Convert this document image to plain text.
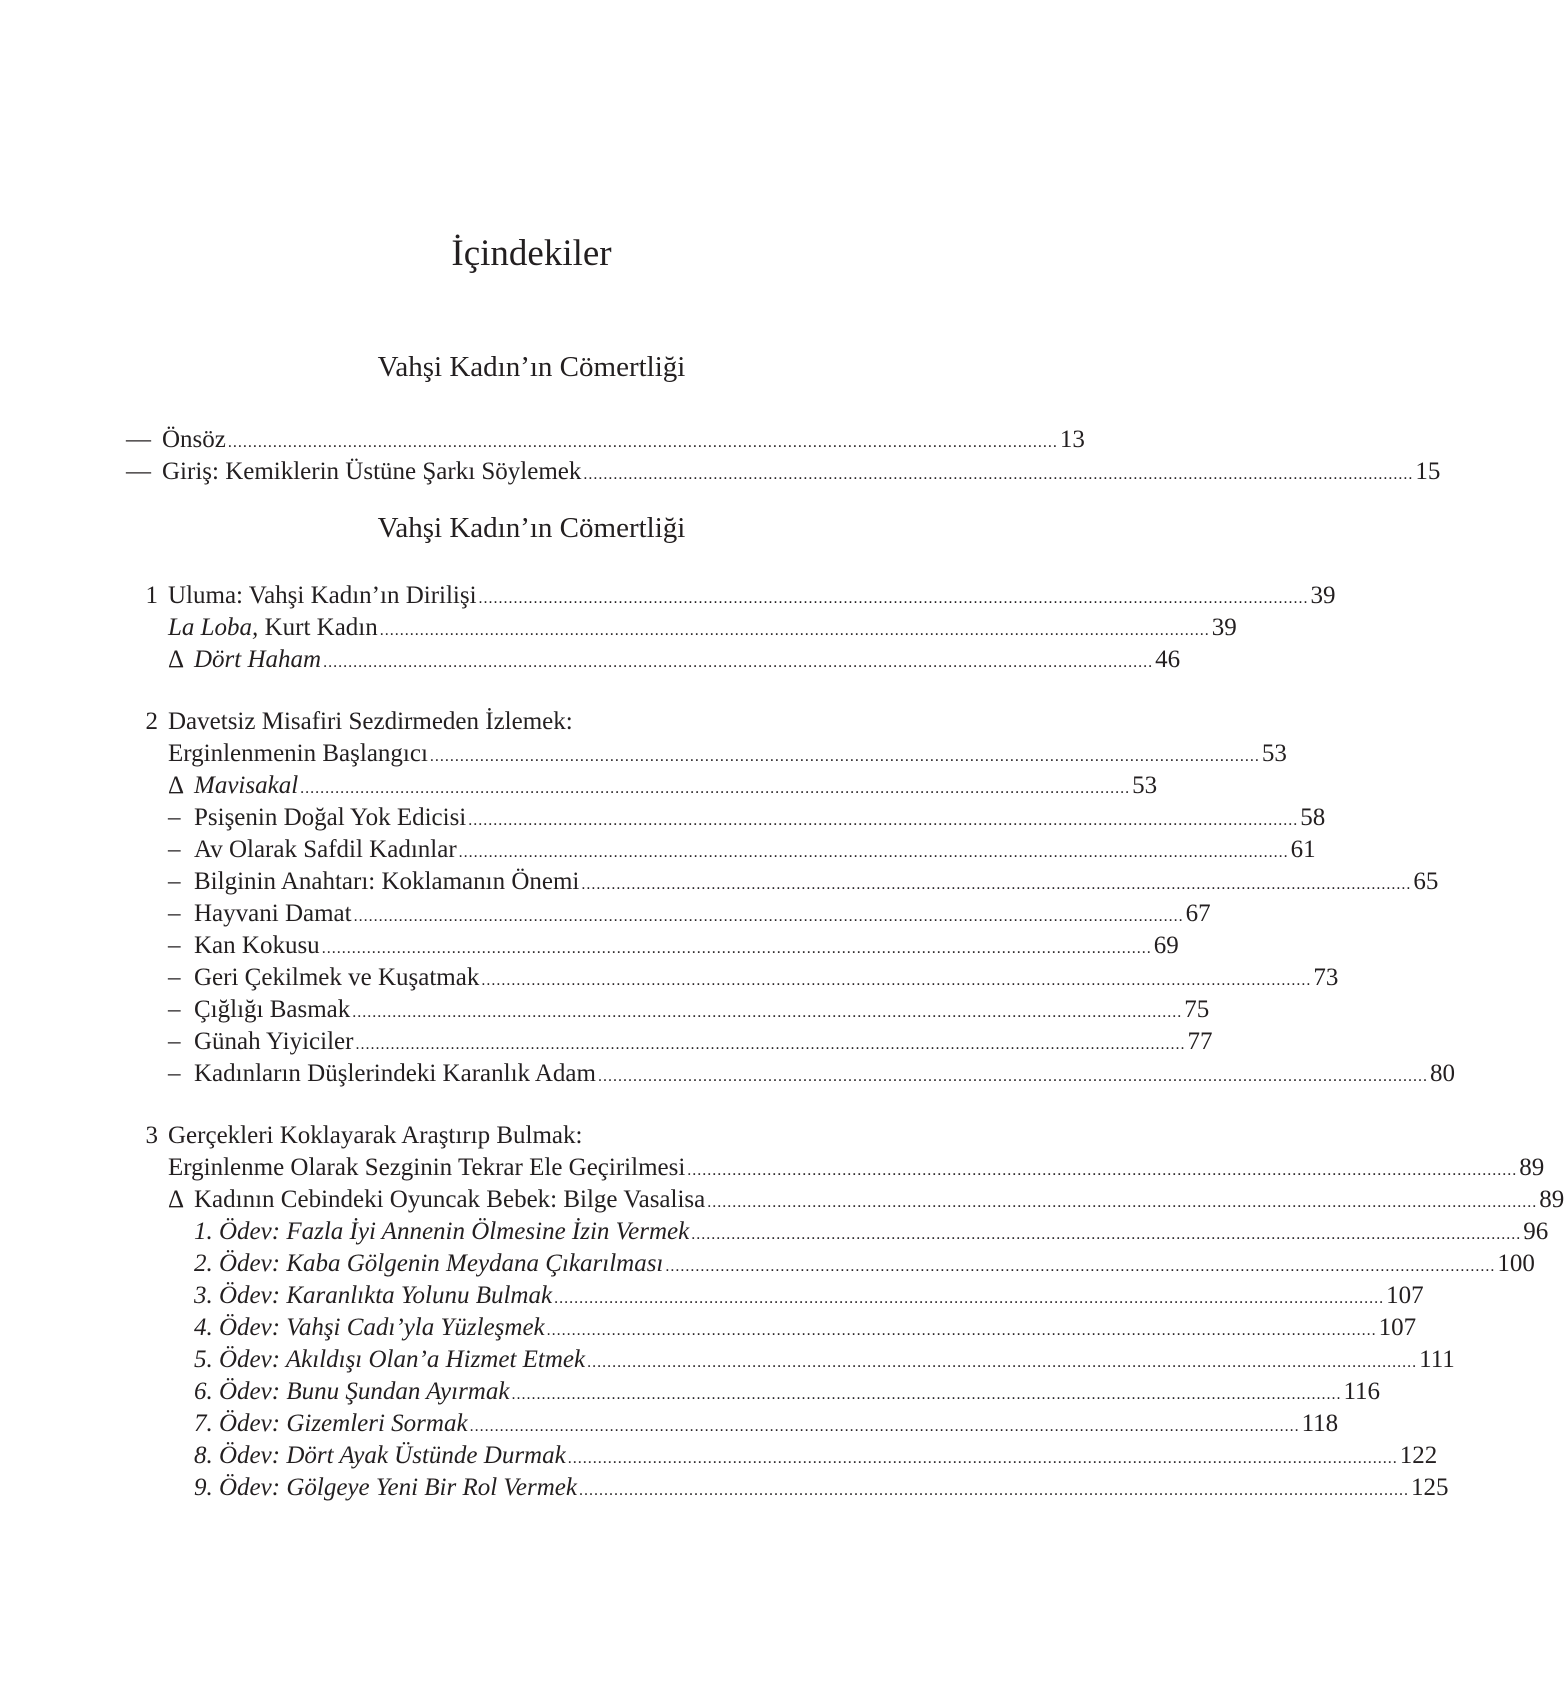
İçindekiler
Vahşi Kadın’ın Cömertliği
— Önsöz ...................................................................................................................................................................... 13
— Giriş: Kemiklerin Üstüne Şarkı Söylemek ...................................................................................................................................................................... 15
Vahşi Kadın’ın Cömertliği
1 Uluma: Vahşi Kadın’ın Dirilişi ...................................................................................................................................................................... 39
La Loba, Kurt Kadın ...................................................................................................................................................................... 39
Δ Dört Haham ...................................................................................................................................................................... 46
2 Davetsiz Misafiri Sezdirmeden İzlemek:
Erginlenmenin Başlangıcı ...................................................................................................................................................................... 53
Δ Mavisakal ...................................................................................................................................................................... 53
– Psişenin Doğal Yok Edicisi ...................................................................................................................................................................... 58
– Av Olarak Safdil Kadınlar ...................................................................................................................................................................... 61
– Bilginin Anahtarı: Koklamanın Önemi ...................................................................................................................................................................... 65
– Hayvani Damat ...................................................................................................................................................................... 67
– Kan Kokusu ...................................................................................................................................................................... 69
– Geri Çekilmek ve Kuşatmak ...................................................................................................................................................................... 73
– Çığlığı Basmak ...................................................................................................................................................................... 75
– Günah Yiyiciler ...................................................................................................................................................................... 77
– Kadınların Düşlerindeki Karanlık Adam ...................................................................................................................................................................... 80
3 Gerçekleri Koklayarak Araştırıp Bulmak:
Erginlenme Olarak Sezginin Tekrar Ele Geçirilmesi ...................................................................................................................................................................... 89
Δ Kadının Cebindeki Oyuncak Bebek: Bilge Vasalisa ...................................................................................................................................................................... 89
1. Ödev: Fazla İyi Annenin Ölmesine İzin Vermek ...................................................................................................................................................................... 96
2. Ödev: Kaba Gölgenin Meydana Çıkarılması ...................................................................................................................................................................... 100
3. Ödev: Karanlıkta Yolunu Bulmak ...................................................................................................................................................................... 107
4. Ödev: Vahşi Cadı’yla Yüzleşmek ...................................................................................................................................................................... 107
5. Ödev: Akıldışı Olan’a Hizmet Etmek ...................................................................................................................................................................... 111
6. Ödev: Bunu Şundan Ayırmak ...................................................................................................................................................................... 116
7. Ödev: Gizemleri Sormak ...................................................................................................................................................................... 118
8. Ödev: Dört Ayak Üstünde Durmak ...................................................................................................................................................................... 122
9. Ödev: Gölgeye Yeni Bir Rol Vermek ...................................................................................................................................................................... 125
